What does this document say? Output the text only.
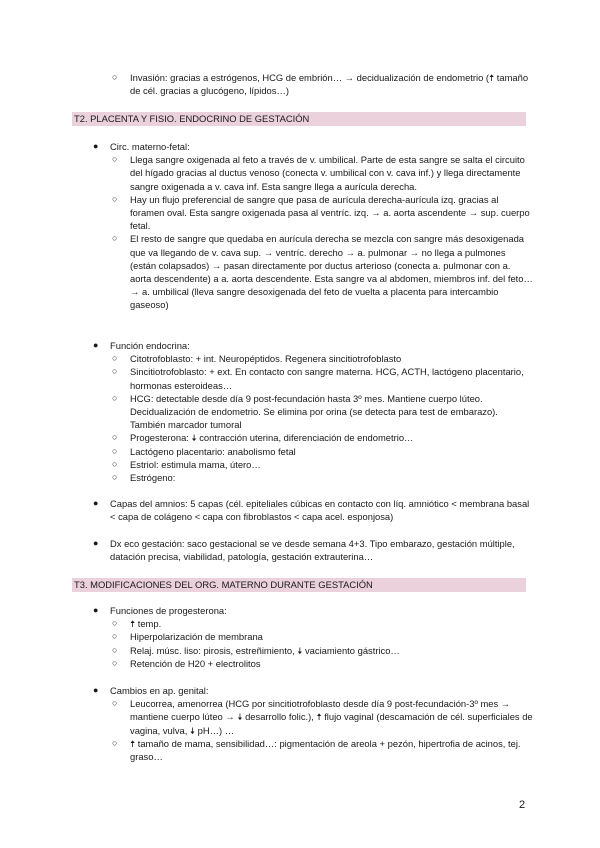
○ Invasión: gracias a estrógenos, HCG de embrión… → decidualización de endometrio (🠅 tamaño de cél. gracias a glucógeno, lípidos…)
T2. PLACENTA Y FISIO. ENDOCRINO DE GESTACIÓN
● Circ. materno-fetal:
○ Llega sangre oxigenada al feto a través de v. umbilical. Parte de esta sangre se salta el circuito del hígado gracias al ductus venoso (conecta v. umbilical con v. cava inf.) y llega directamente sangre oxigenada a v. cava inf. Esta sangre llega a aurícula derecha.
○ Hay un flujo preferencial de sangre que pasa de aurícula derecha-aurícula izq. gracias al foramen oval. Esta sangre oxigenada pasa al ventríc. izq. → a. aorta ascendente → sup. cuerpo fetal.
○ El resto de sangre que quedaba en aurícula derecha se mezcla con sangre más desoxigenada que va llegando de v. cava sup. → ventríc. derecho → a. pulmonar → no llega a pulmones (están colapsados) → pasan directamente por ductus arterioso (conecta a. pulmonar con a. aorta descendente) a a. aorta descendente. Esta sangre va al abdomen, miembros inf. del feto… → a. umbilical (lleva sangre desoxigenada del feto de vuelta a placenta para intercambio gaseoso)
● Función endocrina:
○ Citotrofoblasto: + int. Neuropéptidos. Regenera sincitiotrofoblasto
○ Sincitiotrofoblasto: + ext. En contacto con sangre materna. HCG, ACTH, lactógeno placentario, hormonas esteroideas…
○ HCG: detectable desde día 9 post-fecundación hasta 3º mes. Mantiene cuerpo lúteo. Decidualización de endometrio. Se elimina por orina (se detecta para test de embarazo). También marcador tumoral
○ Progesterona: 🠇 contracción uterina, diferenciación de endometrio…
○ Lactógeno placentario: anabolismo fetal
○ Estriol: estimula mama, útero…
○ Estrógeno:
● Capas del amnios: 5 capas (cél. epiteliales cúbicas en contacto con líq. amniótico < membrana basal < capa de colágeno < capa con fibroblastos < capa acel. esponjosa)
● Dx eco gestación: saco gestacional se ve desde semana 4+3. Tipo embarazo, gestación múltiple, datación precisa, viabilidad, patología, gestación extrauterina…
T3. MODIFICACIONES DEL ORG. MATERNO DURANTE GESTACIÓN
● Funciones de progesterona:
○ 🠅 temp.
○ Hiperpolarización de membrana
○ Relaj. músc. liso: pirosis, estreñimiento, 🠇 vaciamiento gástrico…
○ Retención de H20 + electrolitos
● Cambios en ap. genital:
○ Leucorrea, amenorrea (HCG por sincitiotrofoblasto desde día 9 post-fecundación-3º mes → mantiene cuerpo lúteo → 🠇 desarrollo folic.), 🠅 flujo vaginal (descamación de cél. superficiales de vagina, vulva, 🠇 pH…) …
○ 🠅 tamaño de mama, sensibilidad…: pigmentación de areola + pezón, hipertrofia de acinos, tej. graso…
2
